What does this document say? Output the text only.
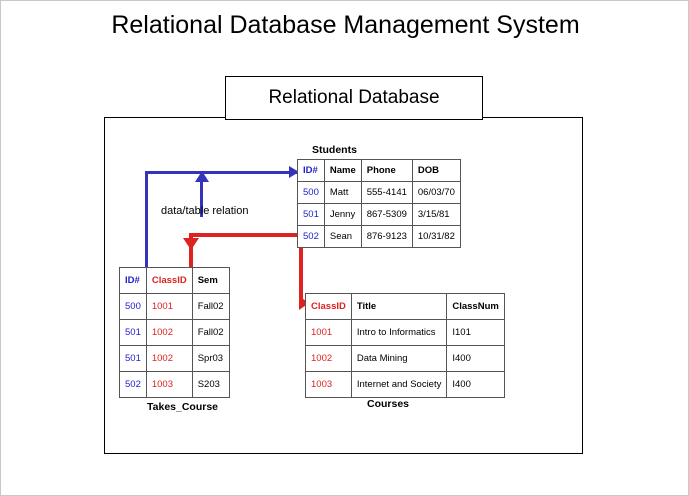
Relational Database Management System
Relational Database
data/table relation
Students
ID#	Name	Phone	DOB
500	Matt	555-4141	06/03/70
501	Jenny	867-5309	3/15/81
502	Sean	876-9123	10/31/82
ID#	ClassID	Sem
500	1001	Fall02
501	1002	Fall02
501	1002	Spr03
502	1003	S203
Takes_Course
ClassID	Title	ClassNum
1001	Intro to Informatics	I101
1002	Data Mining	I400
1003	Internet and Society	I400
Courses
